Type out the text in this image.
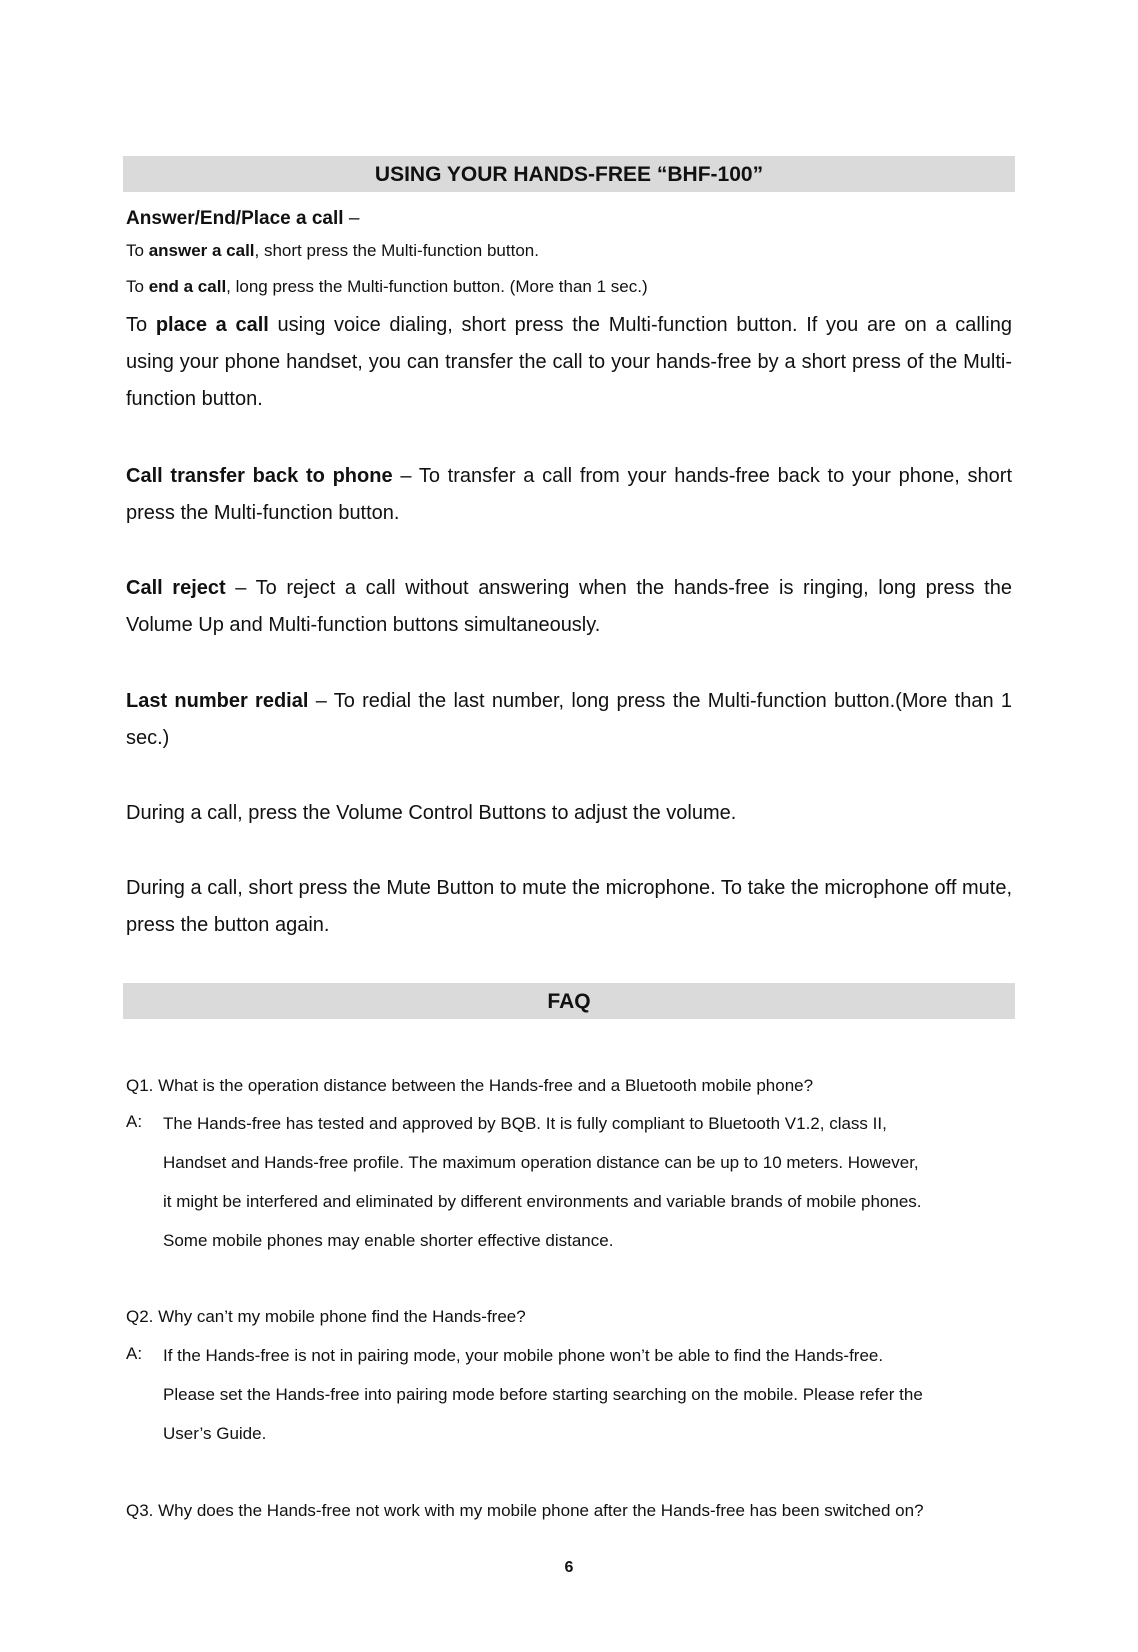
USING YOUR HANDS-FREE “BHF-100”
Answer/End/Place a call –
To answer a call, short press the Multi-function button.
To end a call, long press the Multi-function button. (More than 1 sec.)
To place a call using voice dialing, short press the Multi-function button. If you are on a calling using your phone handset, you can transfer the call to your hands-free by a short press of the Multi-function button.
Call transfer back to phone – To transfer a call from your hands-free back to your phone, short press the Multi-function button.
Call reject – To reject a call without answering when the hands-free is ringing, long press the Volume Up and Multi-function buttons simultaneously.
Last number redial – To redial the last number, long press the Multi-function button.(More than 1 sec.)
During a call, press the Volume Control Buttons to adjust the volume.
During a call, short press the Mute Button to mute the microphone. To take the microphone off mute, press the button again.
FAQ
Q1. What is the operation distance between the Hands-free and a Bluetooth mobile phone?
A: The Hands-free has tested and approved by BQB. It is fully compliant to Bluetooth V1.2, class II,
Handset and Hands-free profile. The maximum operation distance can be up to 10 meters. However,
it might be interfered and eliminated by different environments and variable brands of mobile phones.
Some mobile phones may enable shorter effective distance.
Q2. Why can’t my mobile phone find the Hands-free?
A: If the Hands-free is not in pairing mode, your mobile phone won’t be able to find the Hands-free.
Please set the Hands-free into pairing mode before starting searching on the mobile. Please refer the
User’s Guide.
Q3. Why does the Hands-free not work with my mobile phone after the Hands-free has been switched on?
6
